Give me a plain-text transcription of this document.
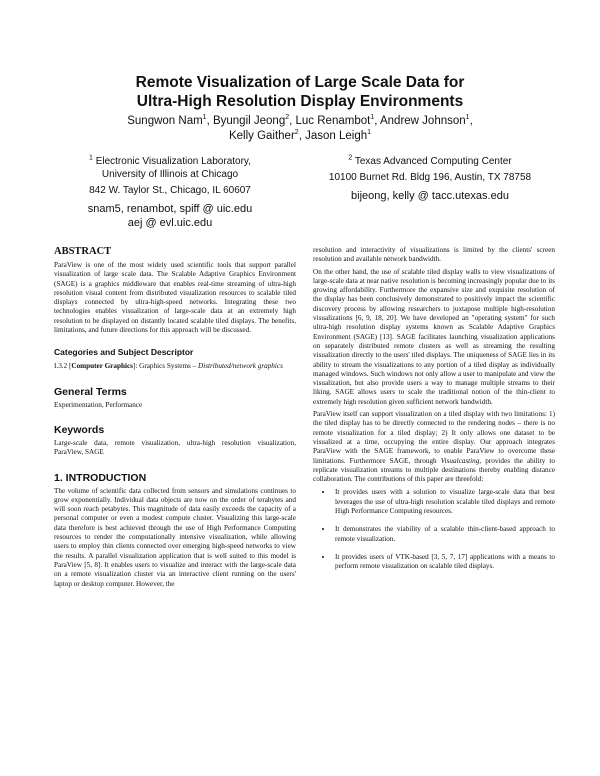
Remote Visualization of Large Scale Data for
Ultra-High Resolution Display Environments
Sungwon Nam$^1$, Byungil Jeong$^2$, Luc Renambot$^1$, Andrew Johnson$^1$,
Kelly Gaither$^2$, Jason Leigh$^1$
$^1$ Electronic Visualization Laboratory,
University of Illinois at Chicago
842 W. Taylor St., Chicago, IL 60607
snam5, renambot, spiff @ uic.edu
aej @ evl.uic.edu
$^2$ Texas Advanced Computing Center
10100 Burnet Rd. Bldg 196, Austin, TX 78758
bijeong, kelly @ tacc.utexas.edu
ABSTRACT

ParaView is one of the most widely used scientific tools that support parallel visualization of large scale data. The Scalable Adaptive Graphics Environment (SAGE) is a graphics middleware that enables real-time streaming of ultra-high resolution visual content from distributed visualization resources to scalable tiled displays connected by ultra-high-speed networks. Integrating these two technologies enables visualization of large-scale data at an extremely high resolution to be displayed on distantly located scalable tiled displays. The benefits, limitations, and future directions for this approach will be discussed.

Categories and Subject Descriptor

I.3.2 [Computer Graphics]: Graphics Systems – Distributed/network graphics

General Terms

Experimentation, Performance

Keywords

Large-scale data, remote visualization, ultra-high resolution visualization, ParaView, SAGE

1. INTRODUCTION

The volume of scientific data collected from sensors and simulations continues to grow exponentially. Individual data objects are now on the order of terabytes and will soon reach petabytes. This magnitude of data easily exceeds the capacity of a personal computer or even a modest compute cluster. Visualizing this large-scale data therefore is best achieved through the use of High Performance Computing resources to render the computationally intensive visualization, while allowing users to employ thin clients connected over emerging high-speed networks to view the results. A parallel visualization application that is well suited to this model is ParaView [5, 8]. It enables users to visualize and interact with the large-scale data on a remote visualization cluster via an interactive client running on the users' laptop or desktop computer. However, the

resolution and interactivity of visualizations is limited by the clients' screen resolution and available network bandwidth.

On the other hand, the use of scalable tiled display walls to view visualizations of large-scale data at near native resolution is becoming increasingly popular due to its growing affordability. Furthermore the expansive size and exquisite resolution of the display has been conclusively demonstrated to positively impact the scientific discovery process by allowing researchers to juxtapose multiple high-resolution visualizations [6, 9, 18, 20]. We have developed an "operating system" for such ultra-high resolution display systems known as Scalable Adaptive Graphics Environment (SAGE) [13]. SAGE facilitates launching visualization applications on separately distributed remote clusters as well as streaming the resulting visualization directly to the users' tiled displays. The uniqueness of SAGE lies in its ability to stream the visualizations to any portion of a tiled display as individually managed windows. Such windows not only allow a user to manipulate and view the visualization, but also provide users a way to manage multiple streams to their liking. SAGE allows users to scale the traditional notion of the thin-client to extremely high resolution given sufficient network bandwidth.

ParaView itself can support visualization on a tiled display with two limitations: 1) the tiled display has to be directly connected to the rendering nodes – there is no remote visualization for a tiled display; 2) It only allows one dataset to be visualized at a time, occupying the entire display. Our approach integrates ParaView with the SAGE framework, to enable ParaView to overcome these limitations. Furthermore SAGE, through Visualcasting, provides the ability to replicate visualization streams to multiple destinations thereby enabling distance collaboration. The contributions of this paper are threefold:

• It provides users with a solution to visualize large-scale data that best leverages the use of ultra-high resolution scalable tiled displays and remote High Performance Computing resources.
• It demonstrates the viability of a scalable thin-client-based approach to remote visualization.
• It provides users of VTK-based [3, 5, 7, 17] applications with a means to perform remote visualization on scalable tiled displays.
